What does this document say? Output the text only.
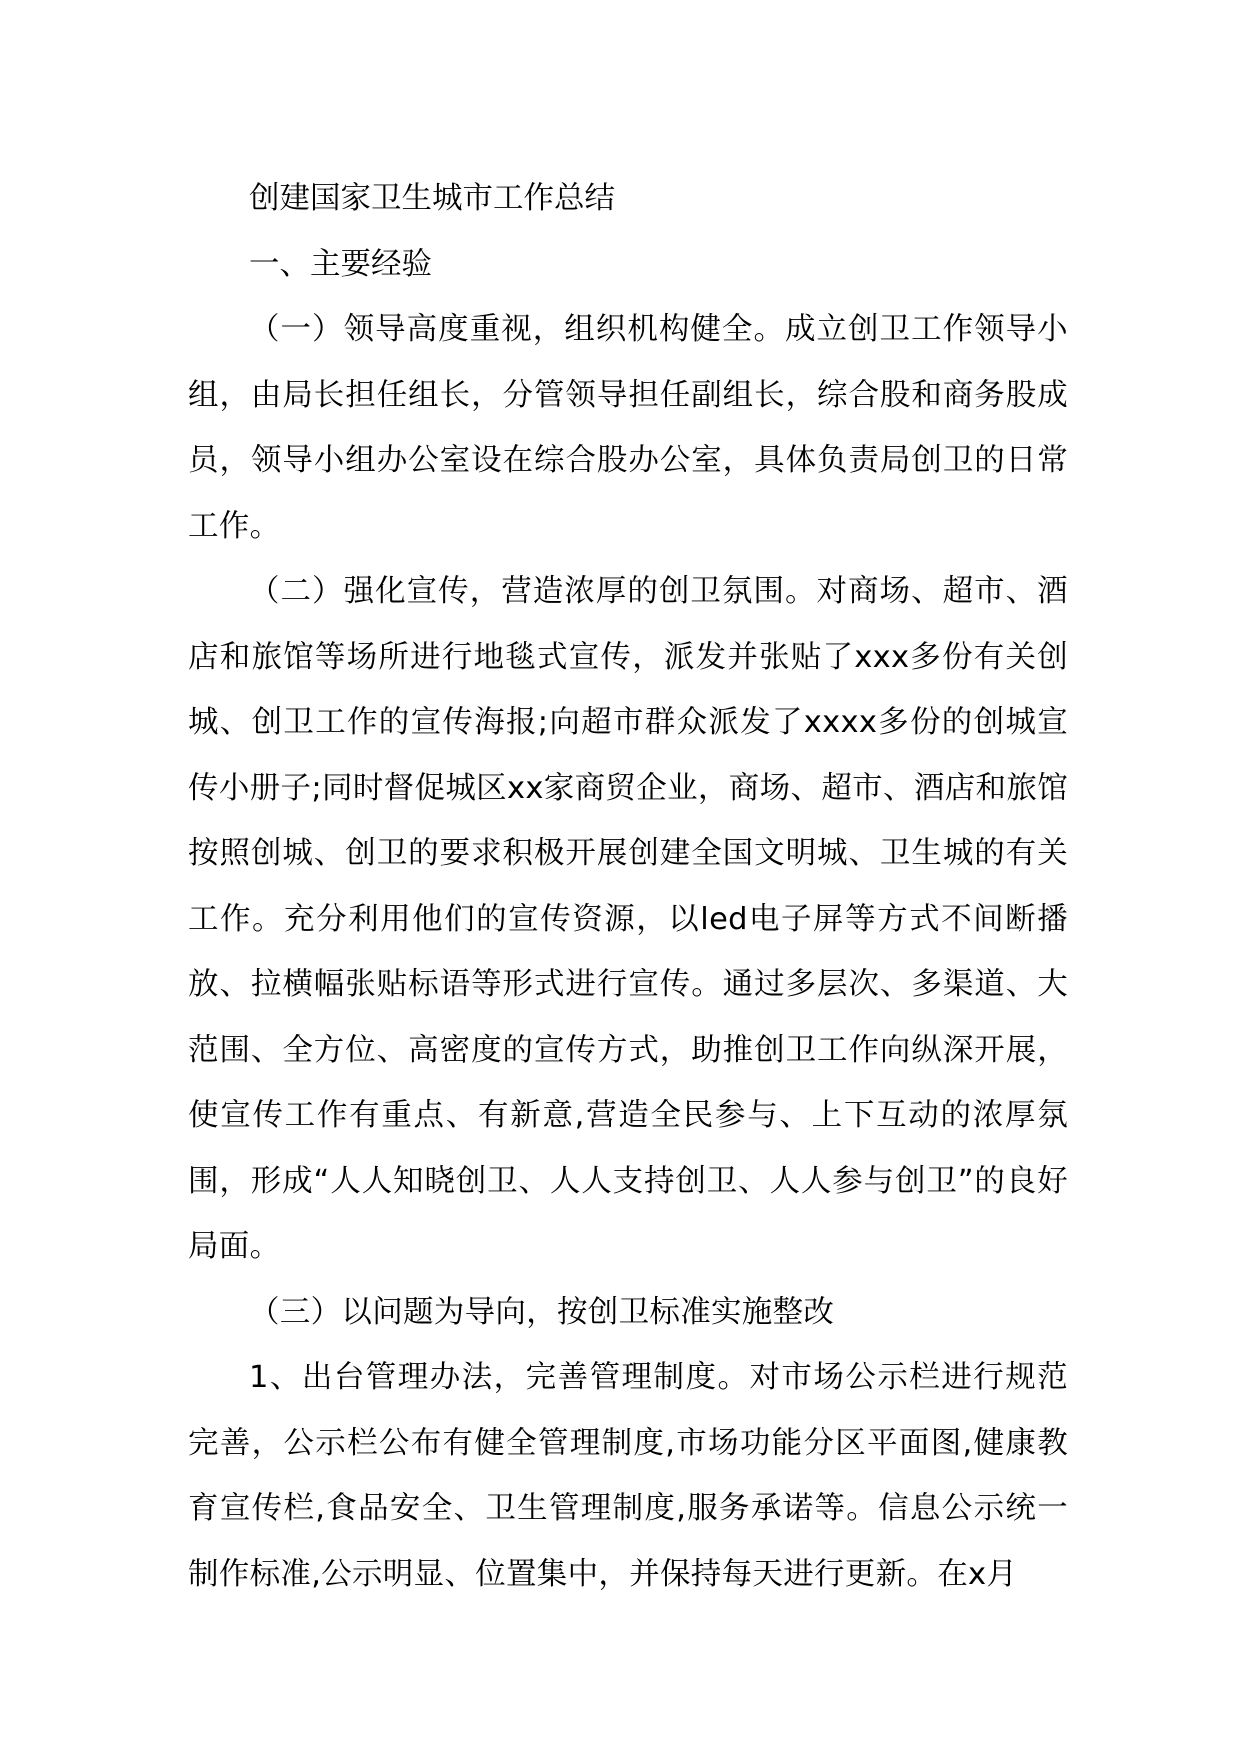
创建国家卫生城市工作总结

一、主要经验

（一）领导高度重视，组织机构健全。成立创卫工作领导小组，由局长担任组长，分管领导担任副组长，综合股和商务股成员，领导小组办公室设在综合股办公室，具体负责局创卫的日常工作。

（二）强化宣传，营造浓厚的创卫氛围。对商场、超市、酒店和旅馆等场所进行地毯式宣传，派发并张贴了xxx多份有关创城、创卫工作的宣传海报;向超市群众派发了xxxx多份的创城宣传小册子;同时督促城区xx家商贸企业，商场、超市、酒店和旅馆按照创城、创卫的要求积极开展创建全国文明城、卫生城的有关工作。充分利用他们的宣传资源，以led电子屏等方式不间断播放、拉横幅张贴标语等形式进行宣传。通过多层次、多渠道、大范围、全方位、高密度的宣传方式，助推创卫工作向纵深开展，使宣传工作有重点、有新意,营造全民参与、上下互动的浓厚氛围，形成“人人知晓创卫、人人支持创卫、人人参与创卫”的良好局面。

（三）以问题为导向，按创卫标准实施整改

1、出台管理办法，完善管理制度。对市场公示栏进行规范完善，公示栏公布有健全管理制度,市场功能分区平面图,健康教育宣传栏,食品安全、卫生管理制度,服务承诺等。信息公示统一制作标准,公示明显、位置集中，并保持每天进行更新。在x月
